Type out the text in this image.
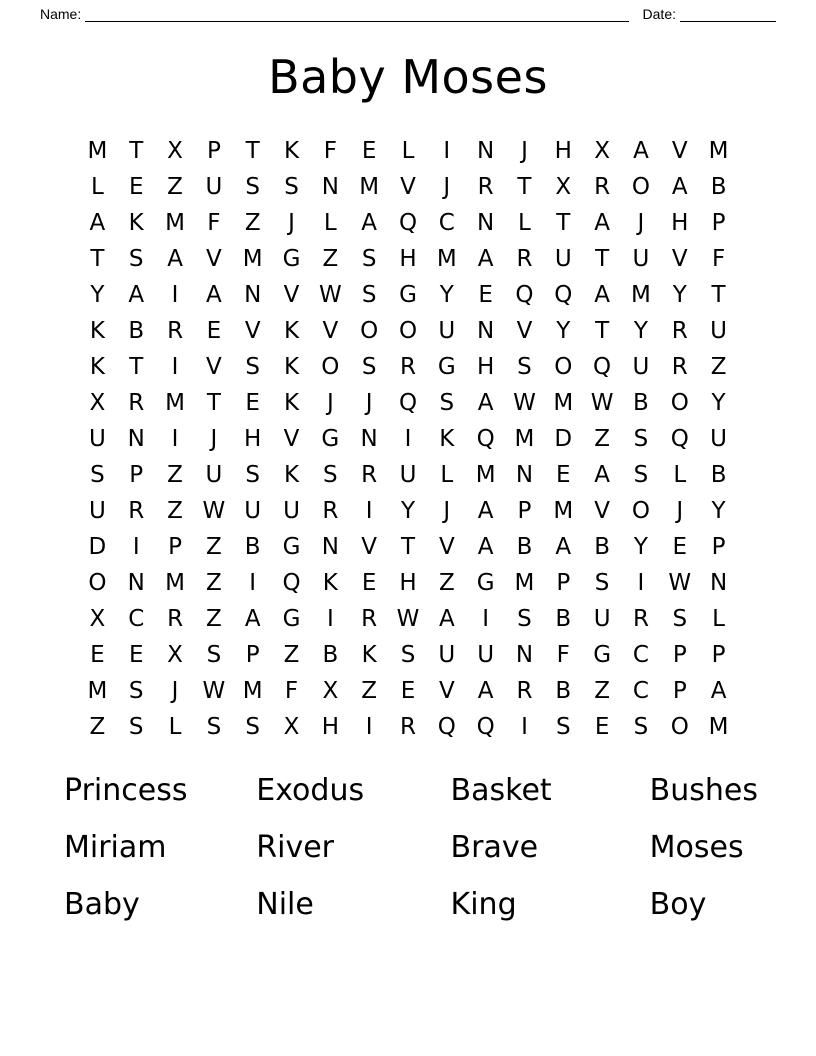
Name:	Date:
Baby Moses
M T	X	P	T	K	F	E	L	I	N	J	H X	A	V M
L	E	Z U	S	S N M V	J	R	T	X R O A	B
A	K M F	Z	J	L	A Q C N	L	T	A	J	H	P
T	S	A	V M G Z	S H M A R U	T	U V	F
Y	A	I	A N V W S G Y	E Q Q A M Y	T
K	B R	E	V	K	V O O U N V	Y	T	Y	R U
K	T	I	V	S	K O S	R G H S O Q U R Z
X R M T	E	K	J	J	Q S	A W M W B O Y
U N	I	J	H V G N	I	K Q M D Z	S Q U
S	P	Z U	S	K	S	R U	L M N E	A	S	L	B
U R Z W U U R	I	Y	J	A	P M V O	J	Y
D	I	P	Z	B G N V	T	V	A	B	A	B	Y	E	P
O N M Z	I	Q K	E H Z G M P	S	I	W N
X C R Z	A G	I	R W A	I	S	B U R	S	L
E	E	X	S	P	Z	B	K	S	U U N	F	G C	P	P
M S	J	W M F	X	Z	E	V	A R B	Z C	P	A
Z	S	L	S	S	X H	I	R Q Q	I	S	E	S O M
Princess	Exodus	Basket	Bushes
Miriam	River	Brave	Moses
Baby	Nile	King	Boy
